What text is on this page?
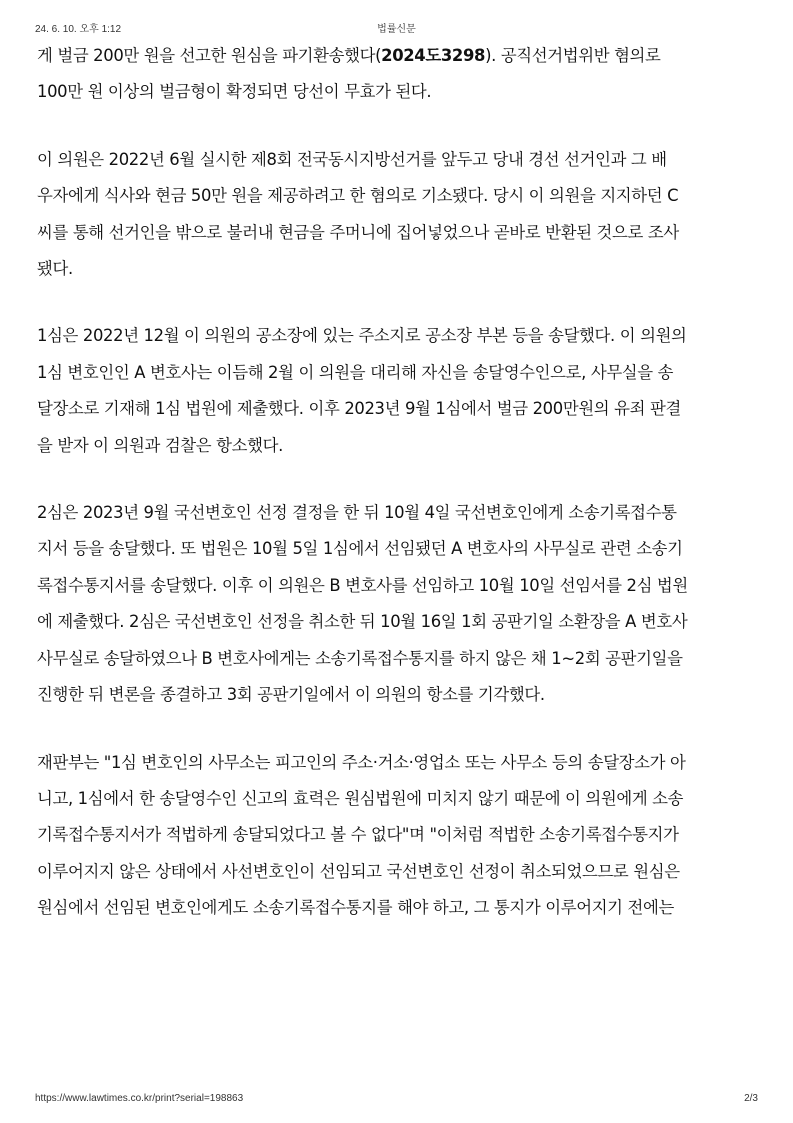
24. 6. 10. 오후 1:12	법률신문

게 벌금 200만 원을 선고한 원심을 파기환송했다(2024도3298). 공직선거법위반 혐의로
100만 원 이상의 벌금형이 확정되면 당선이 무효가 된다.

이 의원은 2022년 6월 실시한 제8회 전국동시지방선거를 앞두고 당내 경선 선거인과 그 배
우자에게 식사와 현금 50만 원을 제공하려고 한 혐의로 기소됐다. 당시 이 의원을 지지하던 C
씨를 통해 선거인을 밖으로 불러내 현금을 주머니에 집어넣었으나 곧바로 반환된 것으로 조사
됐다.

1심은 2022년 12월 이 의원의 공소장에 있는 주소지로 공소장 부본 등을 송달했다. 이 의원의
1심 변호인인 A 변호사는 이듬해 2월 이 의원을 대리해 자신을 송달영수인으로, 사무실을 송
달장소로 기재해 1심 법원에 제출했다. 이후 2023년 9월 1심에서 벌금 200만원의 유죄 판결
을 받자 이 의원과 검찰은 항소했다.

2심은 2023년 9월 국선변호인 선정 결정을 한 뒤 10월 4일 국선변호인에게 소송기록접수통
지서 등을 송달했다. 또 법원은 10월 5일 1심에서 선임됐던 A 변호사의 사무실로 관련 소송기
록접수통지서를 송달했다. 이후 이 의원은 B 변호사를 선임하고 10월 10일 선임서를 2심 법원
에 제출했다. 2심은 국선변호인 선정을 취소한 뒤 10월 16일 1회 공판기일 소환장을 A 변호사
사무실로 송달하였으나 B 변호사에게는 소송기록접수통지를 하지 않은 채 1~2회 공판기일을
진행한 뒤 변론을 종결하고 3회 공판기일에서 이 의원의 항소를 기각했다.

재판부는 "1심 변호인의 사무소는 피고인의 주소·거소·영업소 또는 사무소 등의 송달장소가 아
니고, 1심에서 한 송달영수인 신고의 효력은 원심법원에 미치지 않기 때문에 이 의원에게 소송
기록접수통지서가 적법하게 송달되었다고 볼 수 없다"며 "이처럼 적법한 소송기록접수통지가
이루어지지 않은 상태에서 사선변호인이 선임되고 국선변호인 선정이 취소되었으므로 원심은
원심에서 선임된 변호인에게도 소송기록접수통지를 해야 하고, 그 통지가 이루어지기 전에는

https://www.lawtimes.co.kr/print?serial=198863	2/3
